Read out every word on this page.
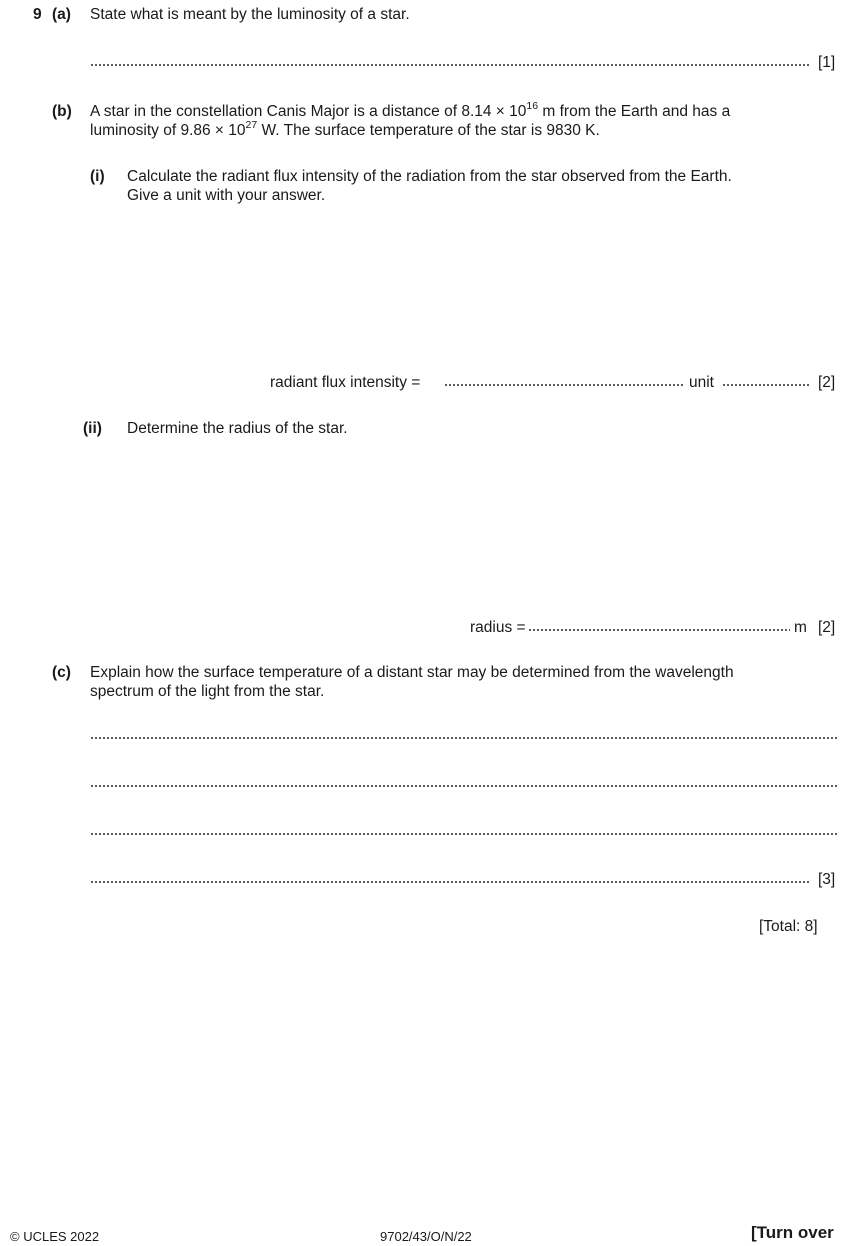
9 (a) State what is meant by the luminosity of a star.
[1]
(b) A star in the constellation Canis Major is a distance of $8.14 \times 10^{16}$ m from the Earth and has a
luminosity of $9.86 \times 10^{27}$ W. The surface temperature of the star is 9830 K.
(i) Calculate the radiant flux intensity of the radiation from the star observed from the Earth.
Give a unit with your answer.
radiant flux intensity =	unit	[2]
(ii) Determine the radius of the star.
radius =	m [2]
(c) Explain how the surface temperature of a distant star may be determined from the wavelength
spectrum of the light from the star.
[3]
[Total: 8]
© UCLES 2022	9702/43/O/N/22	[Turn over
